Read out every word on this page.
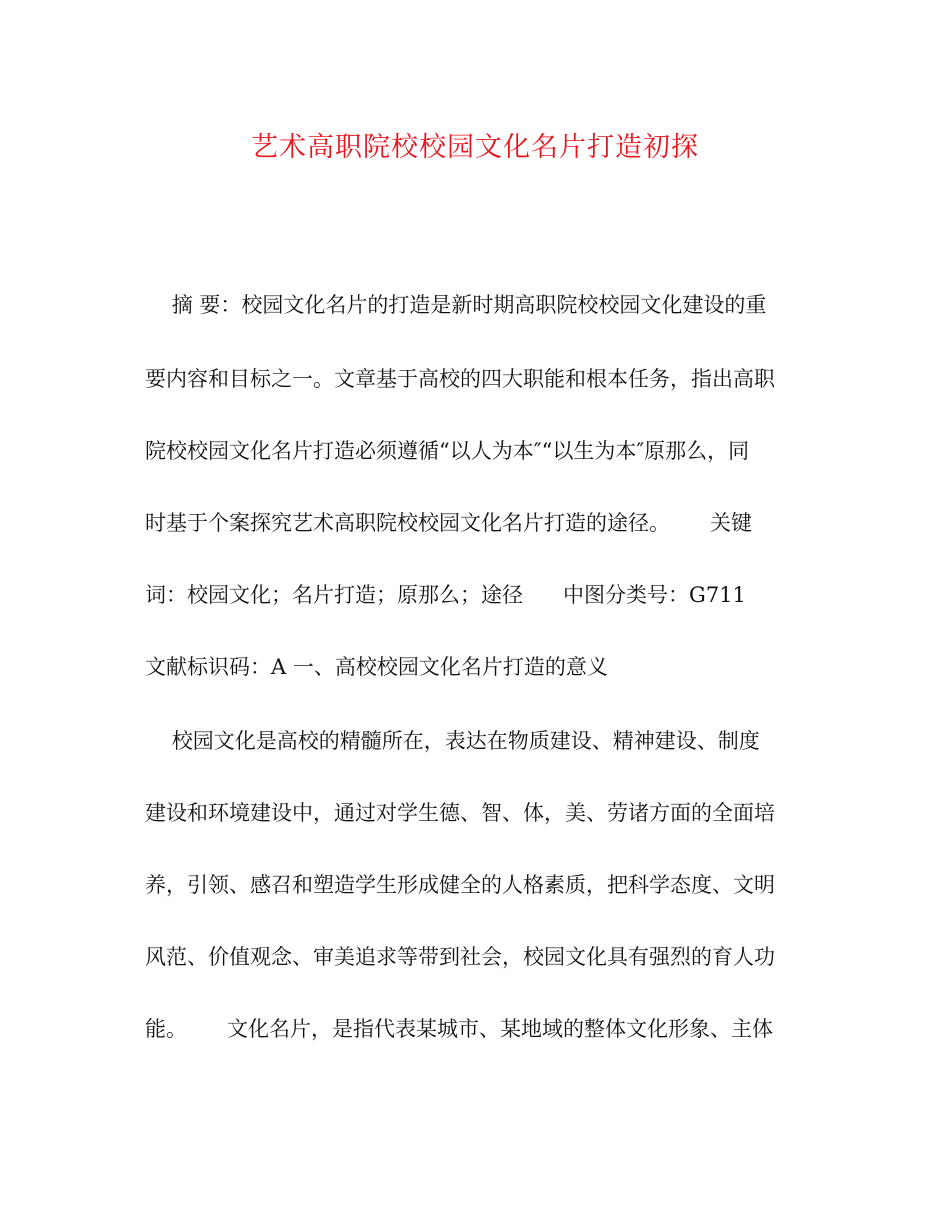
艺术高职院校校园文化名片打造初探
摘 要：校园文化名片的打造是新时期高职院校校园文化建设的重
要内容和目标之一。文章基于高校的四大职能和根本任务，指出高职
院校校园文化名片打造必须遵循“以人为本″“以生为本″原那么，同
时基于个案探究艺术高职院校校园文化名片打造的途径。      关键
词：校园文化；名片打造；原那么；途径      中图分类号：G711
文献标识码：A 一、高校校园文化名片打造的意义
校园文化是高校的精髓所在，表达在物质建设、精神建设、制度
建设和环境建设中，通过对学生德、智、体，美、劳诸方面的全面培
养，引领、感召和塑造学生形成健全的人格素质，把科学态度、文明
风范、价值观念、审美追求等带到社会，校园文化具有强烈的育人功
能。      文化名片，是指代表某城市、某地域的整体文化形象、主体
